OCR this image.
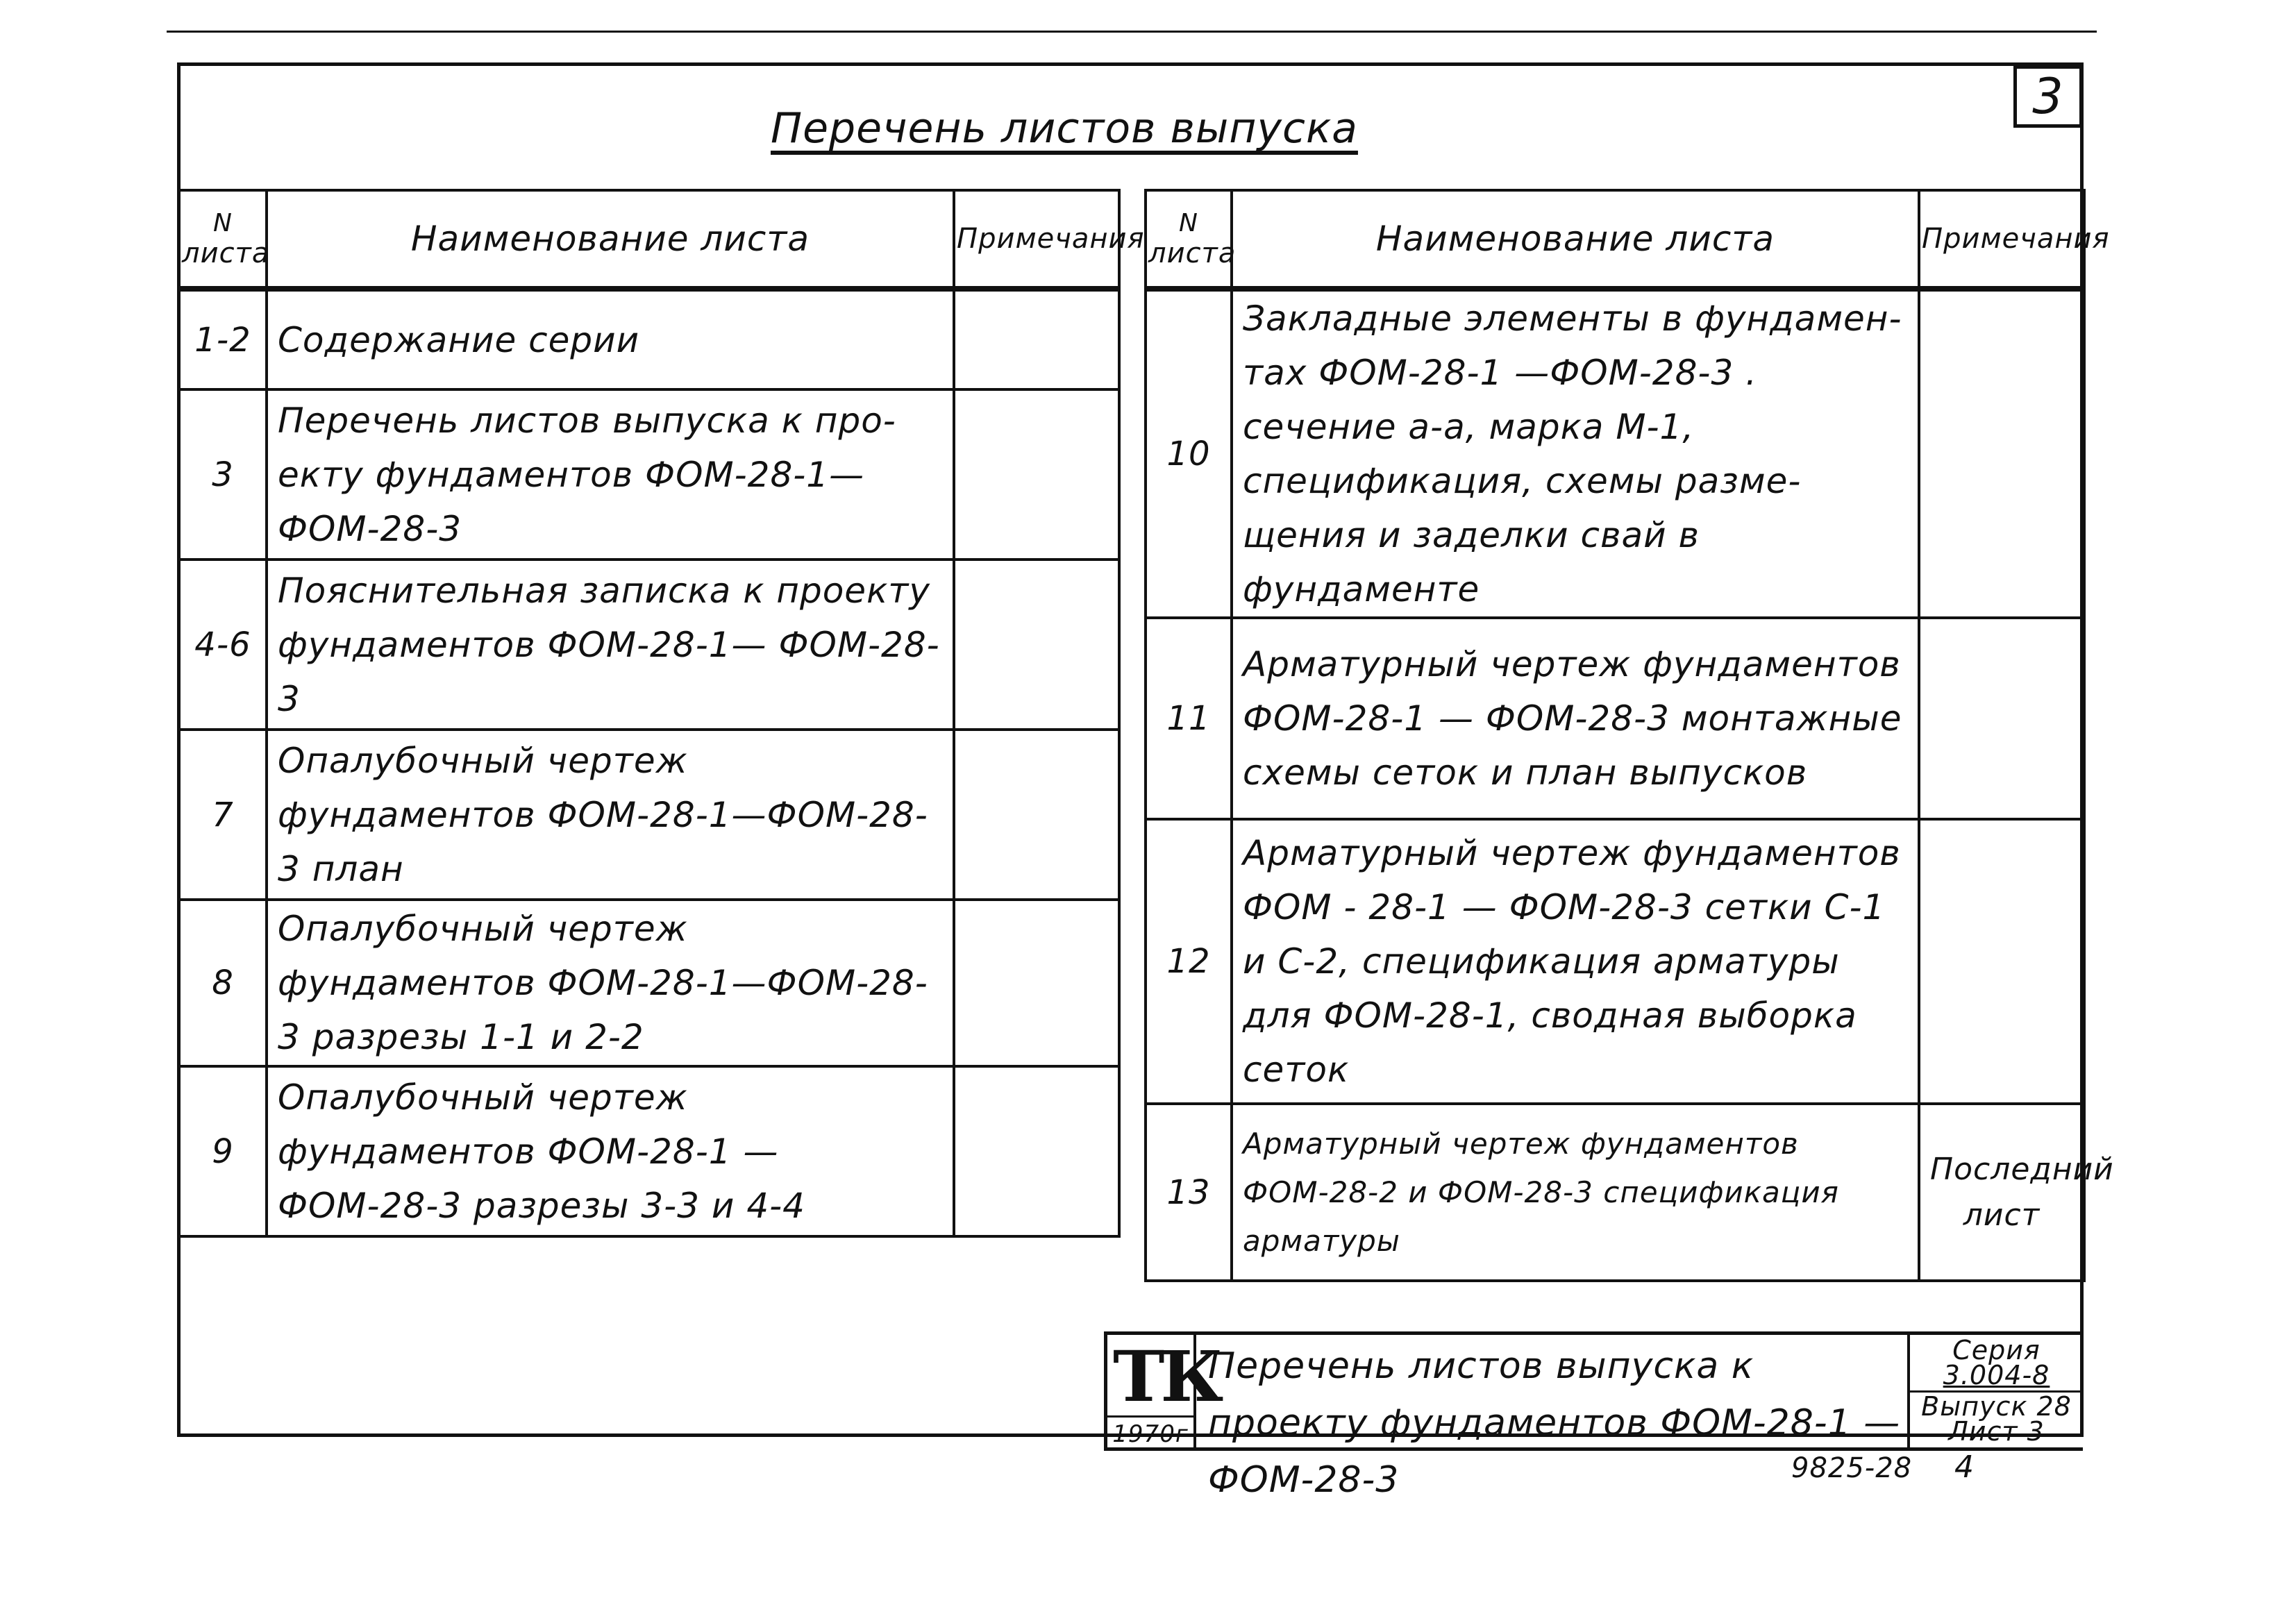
3
Перечень листов выпуска
N
листа	Наименование листа	Примечания
1-2	Содержание серии	
3	Перечень листов выпуска к про- екту фундаментов ФОМ-28-1—ФОМ-28-3	
4-6	Пояснительная записка к проекту фундаментов ФОМ-28-1— ФОМ-28-3	
7	Опалубочный чертеж фундаментов ФОМ-28-1—ФОМ-28-3 план	
8	Опалубочный чертеж фундаментов ФОМ-28-1—ФОМ-28-3 разрезы 1-1 и 2-2	
9	Опалубочный чертеж фундаментов ФОМ-28-1 — ФОМ-28-3 разрезы 3-3 и 4-4	
N
листа	Наименование листа	Примечания
10	Закладные элементы в фундамен- тах ФОМ-28-1 —ФОМ-28-3 . сечение а-а, марка М-1, спецификация, схемы разме- щения и заделки свай в фундаменте	
11	Арматурный чертеж фундаментов ФОМ-28-1 — ФОМ-28-3 монтажные схемы сеток и план выпусков	
12	Арматурный чертеж фундаментов ФОМ - 28-1 — ФОМ-28-3 сетки С-1 и С-2, спецификация арматуры для ФОМ-28-1, сводная выборка сеток	
13	Арматурный чертеж фундаментов ФОМ-28-2 и ФОМ-28-3 спецификация арматуры	Последний лист
ТК
1970г
Перечень листов выпуска к проекту фундаментов ФОМ-28-1 — ФОМ-28-3
Серия
3.004-8
Выпуск 28
Лист 3
9825-28 4
